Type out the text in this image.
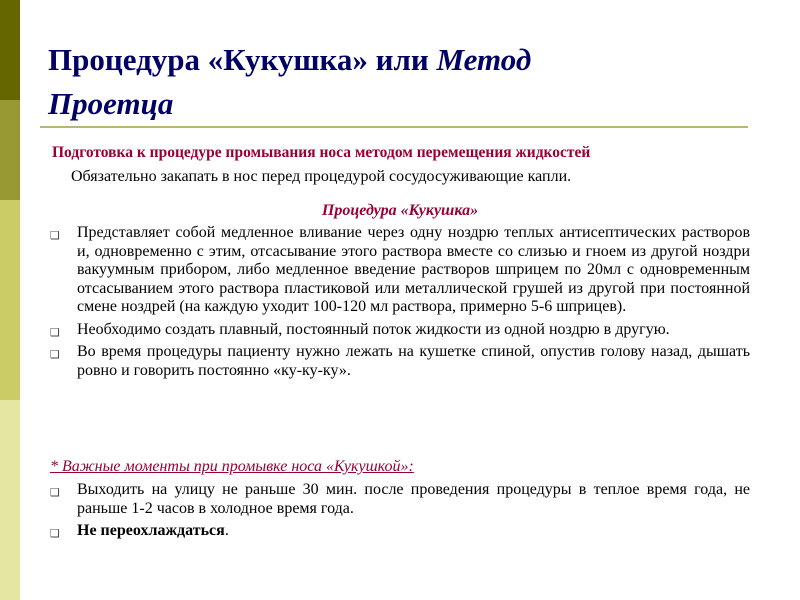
Процедура «Кукушка» или Метод
Проетца
Подготовка к процедуре промывания носа методом перемещения жидкостей
Обязательно закапать в нос перед процедурой сосудосуживающие капли.
Процедура «Кукушка»
❑ Представляет собой медленное вливание через одну ноздрю теплых антисептических растворов и, одновременно с этим, отсасывание этого раствора вместе со слизью и гноем из другой ноздри вакуумным прибором, либо медленное введение растворов шприцем по 20мл с одновременным отсасыванием этого раствора пластиковой или металлической грушей из другой при постоянной смене ноздрей (на каждую уходит 100-120 мл раствора, примерно 5-6 шприцев).
❑ Необходимо создать плавный, постоянный поток жидкости из одной ноздрю в другую.
❑ Во время процедуры пациенту нужно лежать на кушетке спиной, опустив голову назад, дышать ровно и говорить постоянно «ку-ку-ку».
* Важные моменты при промывке носа «Кукушкой»:
❑ Выходить на улицу не раньше 30 мин. после проведения процедуры в теплое время года, не раньше 1-2 часов в холодное время года.
❑ Не переохлаждаться.
